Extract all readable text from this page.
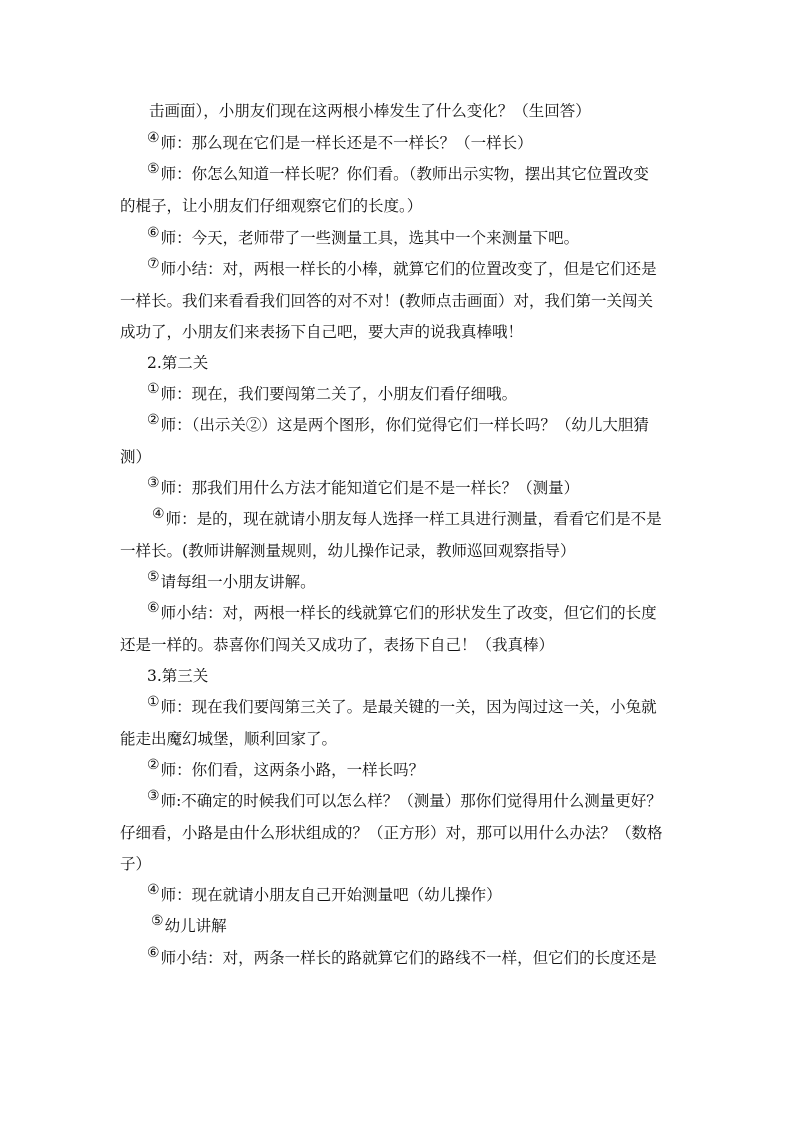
击画面），小朋友们现在这两根小棒发生了什么变化？（生回答）
④师：那么现在它们是一样长还是不一样长？（一样长）
⑤师：你怎么知道一样长呢？你们看。（教师出示实物，摆出其它位置改变
的棍子，让小朋友们仔细观察它们的长度。）
⑥师：今天，老师带了一些测量工具，选其中一个来测量下吧。
⑦师小结：对，两根一样长的小棒，就算它们的位置改变了，但是它们还是
一样长。我们来看看我们回答的对不对！(教师点击画面）对，我们第一关闯关
成功了，小朋友们来表扬下自己吧，要大声的说我真棒哦！
2.第二关
①师：现在，我们要闯第二关了，小朋友们看仔细哦。
②师：（出示关②）这是两个图形，你们觉得它们一样长吗？（幼儿大胆猜
测）
③师：那我们用什么方法才能知道它们是不是一样长？（测量）
④师：是的，现在就请小朋友每人选择一样工具进行测量，看看它们是不是
一样长。(教师讲解测量规则，幼儿操作记录，教师巡回观察指导）
⑤请每组一小朋友讲解。
⑥师小结：对，两根一样长的线就算它们的形状发生了改变，但它们的长度
还是一样的。恭喜你们闯关又成功了，表扬下自己！（我真棒）
3.第三关
①师：现在我们要闯第三关了。是最关键的一关，因为闯过这一关，小兔就
能走出魔幻城堡，顺利回家了。
②师：你们看，这两条小路，一样长吗？
③师:不确定的时候我们可以怎么样？（测量）那你们觉得用什么测量更好？
仔细看，小路是由什么形状组成的？（正方形）对，那可以用什么办法？（数格
子）
④师：现在就请小朋友自己开始测量吧（幼儿操作）
⑤幼儿讲解
⑥师小结：对，两条一样长的路就算它们的路线不一样，但它们的长度还是
